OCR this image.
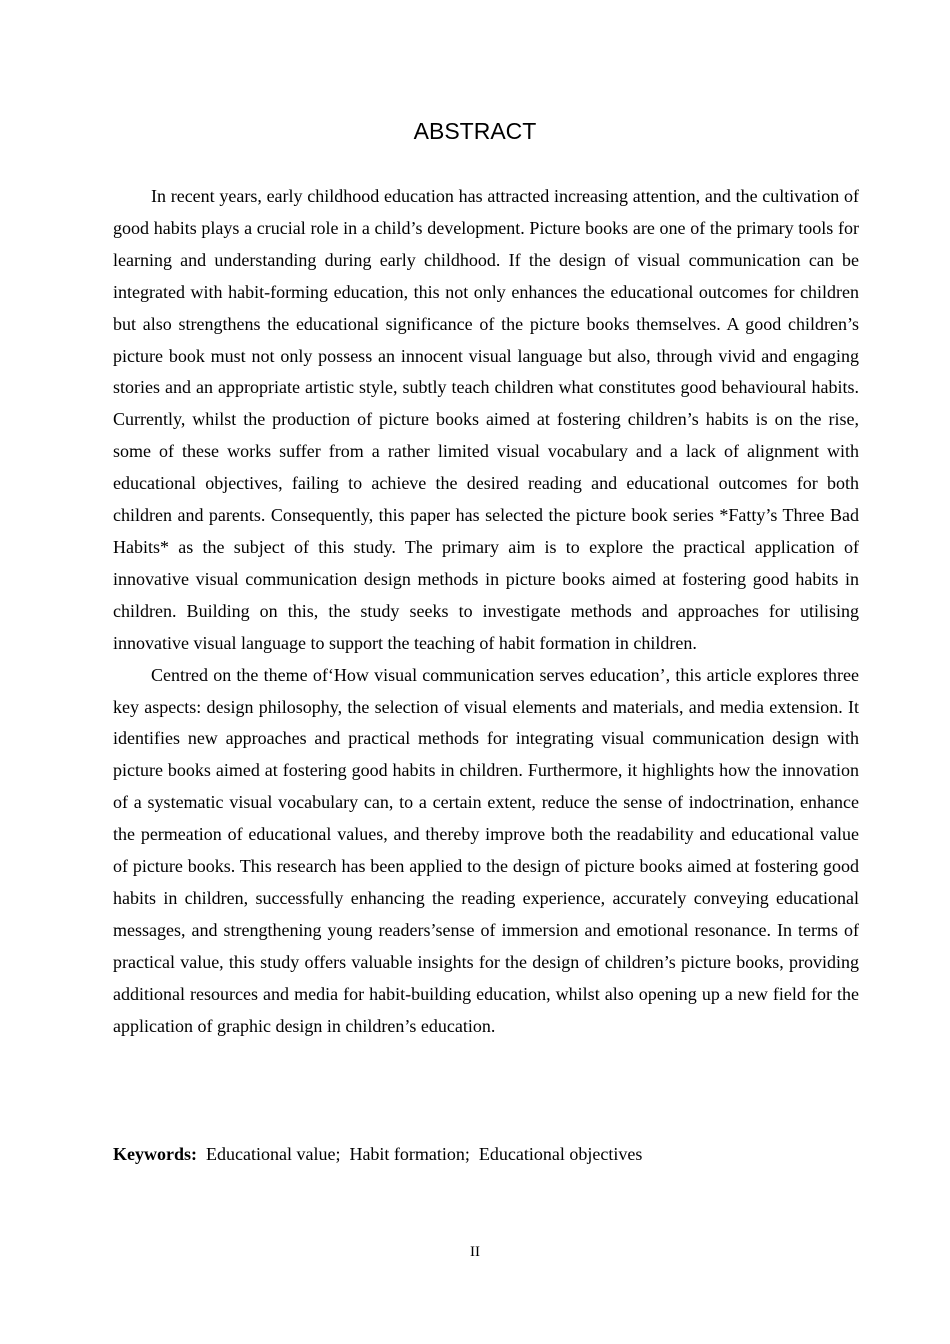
ABSTRACT

In recent years, early childhood education has attracted increasing attention, and the cultivation of good habits plays a crucial role in a child’s development. Picture books are one of the primary tools for learning and understanding during early childhood. If the design of visual communication can be integrated with habit-forming education, this not only enhances the educational outcomes for children but also strengthens the educational significance of the picture books themselves. A good children’s picture book must not only possess an innocent visual language but also, through vivid and engaging stories and an appropriate artistic style, subtly teach children what constitutes good behavioural habits. Currently, whilst the production of picture books aimed at fostering children’s habits is on the rise, some of these works suffer from a rather limited visual vocabulary and a lack of alignment with educational objectives, failing to achieve the desired reading and educational outcomes for both children and parents. Consequently, this paper has selected the picture book series *Fatty’s Three Bad Habits* as the subject of this study. The primary aim is to explore the practical application of innovative visual communication design methods in picture books aimed at fostering good habits in children. Building on this, the study seeks to investigate methods and approaches for utilising innovative visual language to support the teaching of habit formation in children.

Centred on the theme of‘How visual communication serves education’, this article explores three key aspects: design philosophy, the selection of visual elements and materials, and media extension. It identifies new approaches and practical methods for integrating visual communication design with picture books aimed at fostering good habits in children. Furthermore, it highlights how the innovation of a systematic visual vocabulary can, to a certain extent, reduce the sense of indoctrination, enhance the permeation of educational values, and thereby improve both the readability and educational value of picture books. This research has been applied to the design of picture books aimed at fostering good habits in children, successfully enhancing the reading experience, accurately conveying educational messages, and strengthening young readers’sense of immersion and emotional resonance. In terms of practical value, this study offers valuable insights for the design of children’s picture books, providing additional resources and media for habit-building education, whilst also opening up a new field for the application of graphic design in children’s education.

Keywords: Educational value;  Habit formation;  Educational objectives
II
